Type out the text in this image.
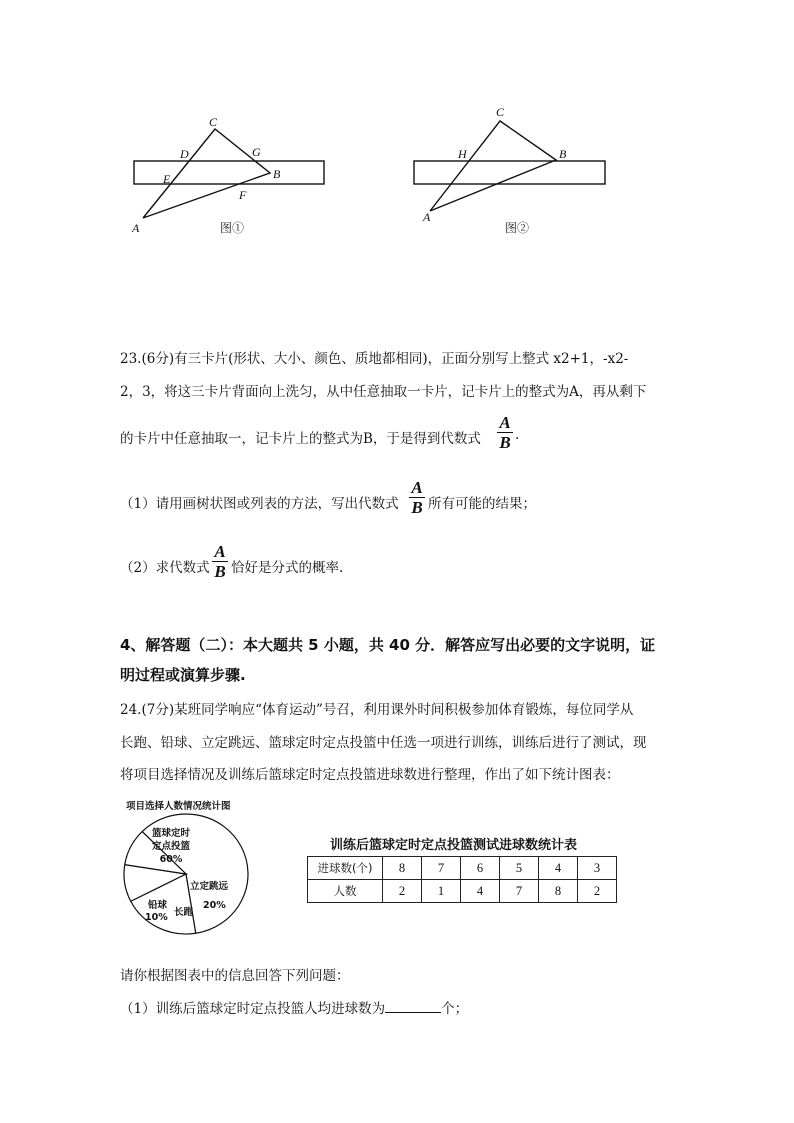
C
D	G
E	B
F
A	图①
C
H	B
A
图②
23.(6分)有三卡片(形状、大小、颜色、质地都相同)，正面分别写上整式 x2+1，-x2-
2，3，将这三卡片背面向上洗匀，从中任意抽取一卡片，记卡片上的整式为A，再从剩下
的卡片中任意抽取一，记卡片上的整式为B，于是得到代数式
A
B .
（1）请用画树状图或列表的方法，写出代数式
A
B 所有可能的结果；
（2）求代数式
A
B 恰好是分式的概率.
4、解答题（二）：本大题共 5 小题，共 40 分．解答应写出必要的文字说明，证
明过程或演算步骤.
24.(7分)某班同学响应“体育运动”号召，利用课外时间积极参加体育锻炼，每位同学从
长跑、铅球、立定跳远、篮球定时定点投篮中任选一项进行训练，训练后进行了测试，现
将项目选择情况及训练后篮球定时定点投篮进球数进行整理，作出了如下统计图表：
项目选择人数情况统计图
篮球定时
定点投篮
60%
立定跳远
20%
长跑
铅球
10%
训练后篮球定时定点投篮测试进球数统计表
进球数(个)	8	7	6	5	4	3
人数	2	1	4	7	8	2
请你根据图表中的信息回答下列问题：
（1）训练后篮球定时定点投篮人均进球数为	个；
